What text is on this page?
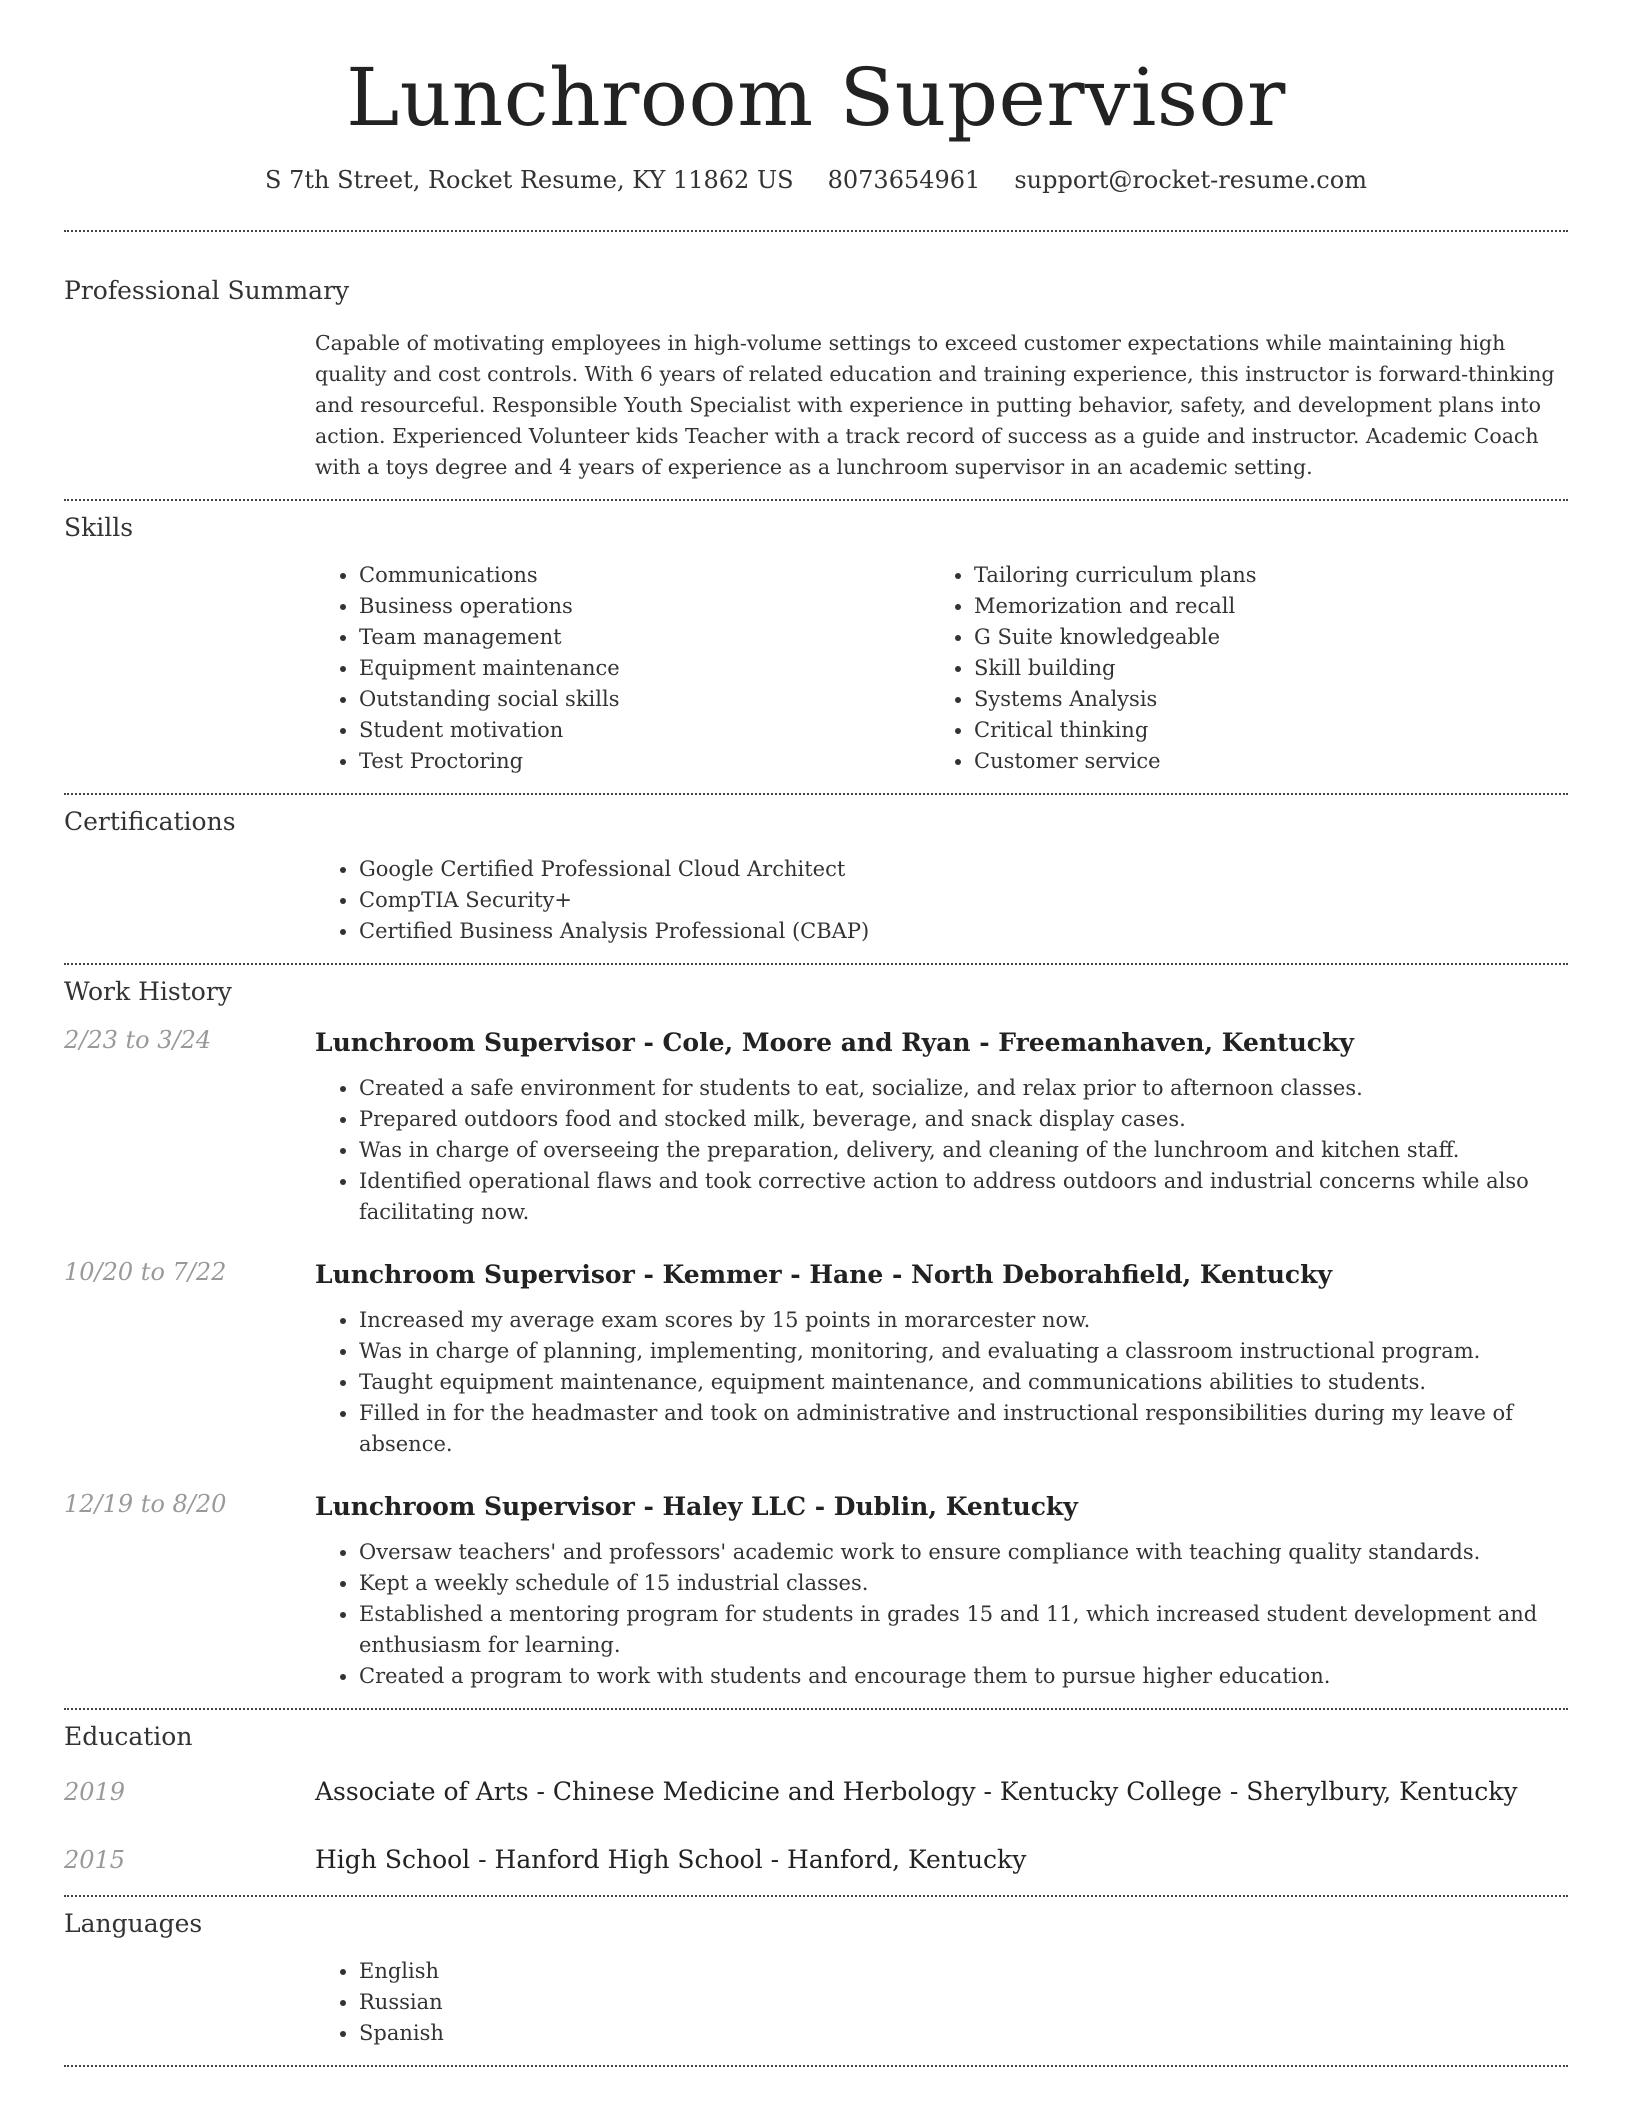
Lunchroom Supervisor
S 7th Street, Rocket Resume, KY 11862 US 8073654961 support@rocket-resume.com
Professional Summary

Capable of motivating employees in high-volume settings to exceed customer expectations while maintaining high quality and cost controls. With 6 years of related education and training experience, this instructor is forward-thinking and resourceful. Responsible Youth Specialist with experience in putting behavior, safety, and development plans into action. Experienced Volunteer kids Teacher with a track record of success as a guide and instructor. Academic Coach with a toys degree and 4 years of experience as a lunchroom supervisor in an academic setting.

Skills
• Communications
• Business operations
• Team management
• Equipment maintenance
• Outstanding social skills
• Student motivation
• Test Proctoring
• Tailoring curriculum plans
• Memorization and recall
• G Suite knowledgeable
• Skill building
• Systems Analysis
• Critical thinking
• Customer service
Certifications
• Google Certified Professional Cloud Architect
• CompTIA Security+
• Certified Business Analysis Professional (CBAP)
Work History
2/23 to 3/24	Lunchroom Supervisor - Cole, Moore and Ryan - Freemanhaven, Kentucky
• Created a safe environment for students to eat, socialize, and relax prior to afternoon classes.
• Prepared outdoors food and stocked milk, beverage, and snack display cases.
• Was in charge of overseeing the preparation, delivery, and cleaning of the lunchroom and kitchen staff.
• Identified operational flaws and took corrective action to address outdoors and industrial concerns while also facilitating now.
10/20 to 7/22	Lunchroom Supervisor - Kemmer - Hane - North Deborahfield, Kentucky
• Increased my average exam scores by 15 points in morarcester now.
• Was in charge of planning, implementing, monitoring, and evaluating a classroom instructional program.
• Taught equipment maintenance, equipment maintenance, and communications abilities to students.
• Filled in for the headmaster and took on administrative and instructional responsibilities during my leave of absence.
12/19 to 8/20	Lunchroom Supervisor - Haley LLC - Dublin, Kentucky
• Oversaw teachers' and professors' academic work to ensure compliance with teaching quality standards.
• Kept a weekly schedule of 15 industrial classes.
• Established a mentoring program for students in grades 15 and 11, which increased student development and enthusiasm for learning.
• Created a program to work with students and encourage them to pursue higher education.
Education
2019	Associate of Arts - Chinese Medicine and Herbology - Kentucky College - Sherylbury, Kentucky
2015	High School - Hanford High School - Hanford, Kentucky
Languages
• English
• Russian
• Spanish
